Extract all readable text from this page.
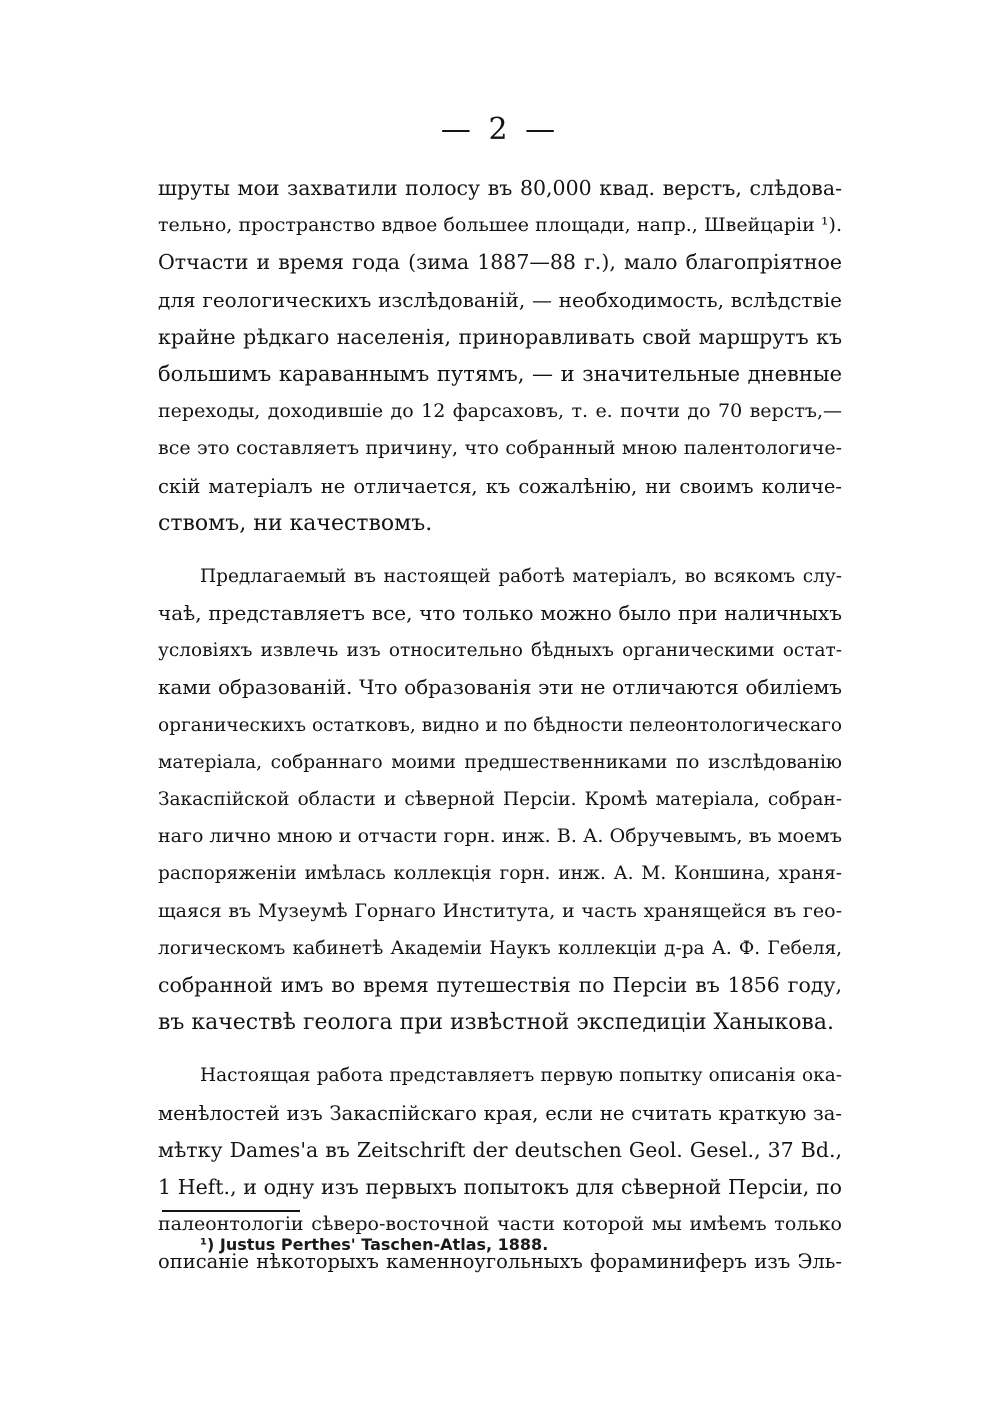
— 2 —
шруты мои захватили полосу въ 80,000 квад. верстъ, слѣдова-
тельно, пространство вдвое большее площади, напр., Швейцаріи ¹).
Отчасти и время года (зима 1887—88 г.), мало благопріятное
для геологическихъ изслѣдованій, — необходимость, вслѣдствіе
крайне рѣдкаго населенія, приноравливать свой маршрутъ къ
большимъ караваннымъ путямъ, — и значительные дневные
переходы, доходившіе до 12 фарсаховъ, т. е. почти до 70 верстъ,—
все это составляетъ причину, что собранный мною палентологиче-
скій матеріалъ не отличается, къ сожалѣнію, ни своимъ количе-
ствомъ, ни качествомъ.
Предлагаемый въ настоящей работѣ матеріалъ, во всякомъ слу-
чаѣ, представляетъ все, что только можно было при наличныхъ
условіяхъ извлечь изъ относительно бѣдныхъ органическими остат-
ками образованій. Что образованія эти не отличаются обиліемъ
органическихъ остатковъ, видно и по бѣдности пелеонтологическаго
матеріала, собраннаго моими предшественниками по изслѣдованію
Закаспійской области и сѣверной Персіи. Кромѣ матеріала, собран-
наго лично мною и отчасти горн. инж. В. А. Обручевымъ, въ моемъ
распоряженіи имѣлась коллекція горн. инж. А. М. Коншина, храня-
щаяся въ Музеумѣ Горнаго Института, и часть хранящейся въ гео-
логическомъ кабинетѣ Академіи Наукъ коллекціи д-ра А. Ф. Гебеля,
собранной имъ во время путешествія по Персіи въ 1856 году,
въ качествѣ геолога при извѣстной экспедиціи Ханыкова.
Настоящая работа представляетъ первую попытку описанія ока-
менѣлостей изъ Закаспійскаго края, если не считать краткую за-
мѣтку Dames'a въ Zeitschrift der deutschen Geol. Gesel., 37 Bd.,
1 Heft., и одну изъ первыхъ попытокъ для сѣверной Персіи, по
палеонтологіи сѣверо-восточной части которой мы имѣемъ только
описаніе нѣкоторыхъ каменноугольныхъ фораминиферъ изъ Эль-
¹) Justus Perthes' Taschen-Atlas, 1888.
